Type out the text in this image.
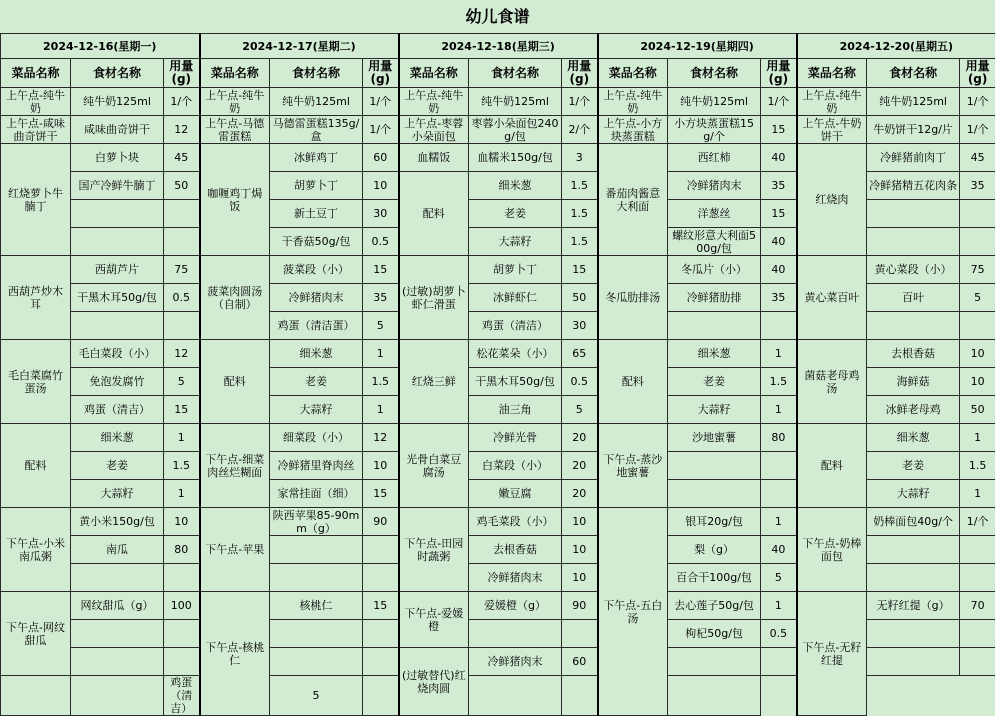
幼儿食谱
2024-12-16(星期一)			2024-12-17(星期二)			2024-12-18(星期三)			2024-12-19(星期四)			2024-12-20(星期五)		
菜品名称	食材名称	用量(g)	菜品名称	食材名称	用量(g)	菜品名称	食材名称	用量(g)	菜品名称	食材名称	用量(g)	菜品名称	食材名称	用量(g)
上午点-纯牛奶	纯牛奶125ml	1/个	上午点-纯牛奶	纯牛奶125ml	1/个	上午点-纯牛奶	纯牛奶125ml	1/个	上午点-纯牛奶	纯牛奶125ml	1/个	上午点-纯牛奶	纯牛奶125ml	1/个
上午点-咸味曲奇饼干	咸味曲奇饼干	12	上午点-马德雷蛋糕	马德雷蛋糕135g/盒	1/个	上午点-枣蓉小朵面包	枣蓉小朵面包240g/包	2/个	上午点-小方块蒸蛋糕	小方块蒸蛋糕15g/个	15	上午点-牛奶饼干	牛奶饼干12g/片	1/个
红烧萝卜牛腩丁	白萝卜块	45	咖喱鸡丁焗饭	冰鲜鸡丁	60	血糯饭	血糯米150g/包	3	番茄肉酱意大利面	西红柿	40	红烧肉	冷鲜猪前肉丁	45
	国产冷鲜牛腩丁	50		胡萝卜丁	10	配料	细米葱	1.5		冷鲜猪肉末	35		冷鲜猪精五花肉条	35
				新土豆丁	30		老姜	1.5		洋葱丝	15			
				干香菇50g/包	0.5		大蒜籽	1.5		螺纹形意大利面500g/包	40			
西葫芦炒木耳	西葫芦片	75	菠菜肉圆汤（自制）	菠菜段（小）	15	(过敏)胡萝卜虾仁滑蛋	胡萝卜丁	15	冬瓜肋排汤	冬瓜片（小）	40	黄心菜百叶	黄心菜段（小）	75
	干黑木耳50g/包	0.5		冷鲜猪肉末	35		冰鲜虾仁	50		冷鲜猪肋排	35		百叶	5
				鸡蛋（清洁蛋）	5		鸡蛋（清洁）	30						
毛白菜腐竹蛋汤	毛白菜段（小）	12	配料	细米葱	1	红烧三鲜	松花菜朵（小）	65	配料	细米葱	1	菌菇老母鸡汤	去根香菇	10
	免泡发腐竹	5		老姜	1.5		干黑木耳50g/包	0.5		老姜	1.5		海鲜菇	10
	鸡蛋（清吉）	15		大蒜籽	1		油三角	5		大蒜籽	1		冰鲜老母鸡	50
配料	细米葱	1	下午点-细菜肉丝烂糊面	细菜段（小）	12	光骨白菜豆腐汤	冷鲜光骨	20	下午点-蒸沙地蜜薯	沙地蜜薯	80	配料	细米葱	1
	老姜	1.5		冷鲜猪里脊肉丝	10		白菜段（小）	20					老姜	1.5
	大蒜籽	1		家常挂面（细）	15		嫩豆腐	20					大蒜籽	1
下午点-小米南瓜粥	黄小米150g/包	10	下午点-苹果	陕西苹果85-90mm（g）	90	下午点-田园时蔬粥	鸡毛菜段（小）	10	下午点-五白汤	银耳20g/包	1	下午点-奶棒面包	奶棒面包40g/个	1/个
	南瓜	80					去根香菇	10		梨（g）	40			
							冷鲜猪肉末	10		百合干100g/包	5			
下午点-网纹甜瓜	网纹甜瓜（g）	100	下午点-核桃仁	核桃仁	15	下午点-爱媛橙	爱媛橙（g）	90		去心莲子50g/包	1	下午点-无籽红提	无籽红提（g）	70
										枸杞50g/包	0.5			
						(过敏替代)红烧肉圆	冷鲜猪肉末	60						
		鸡蛋（清吉）		5										
